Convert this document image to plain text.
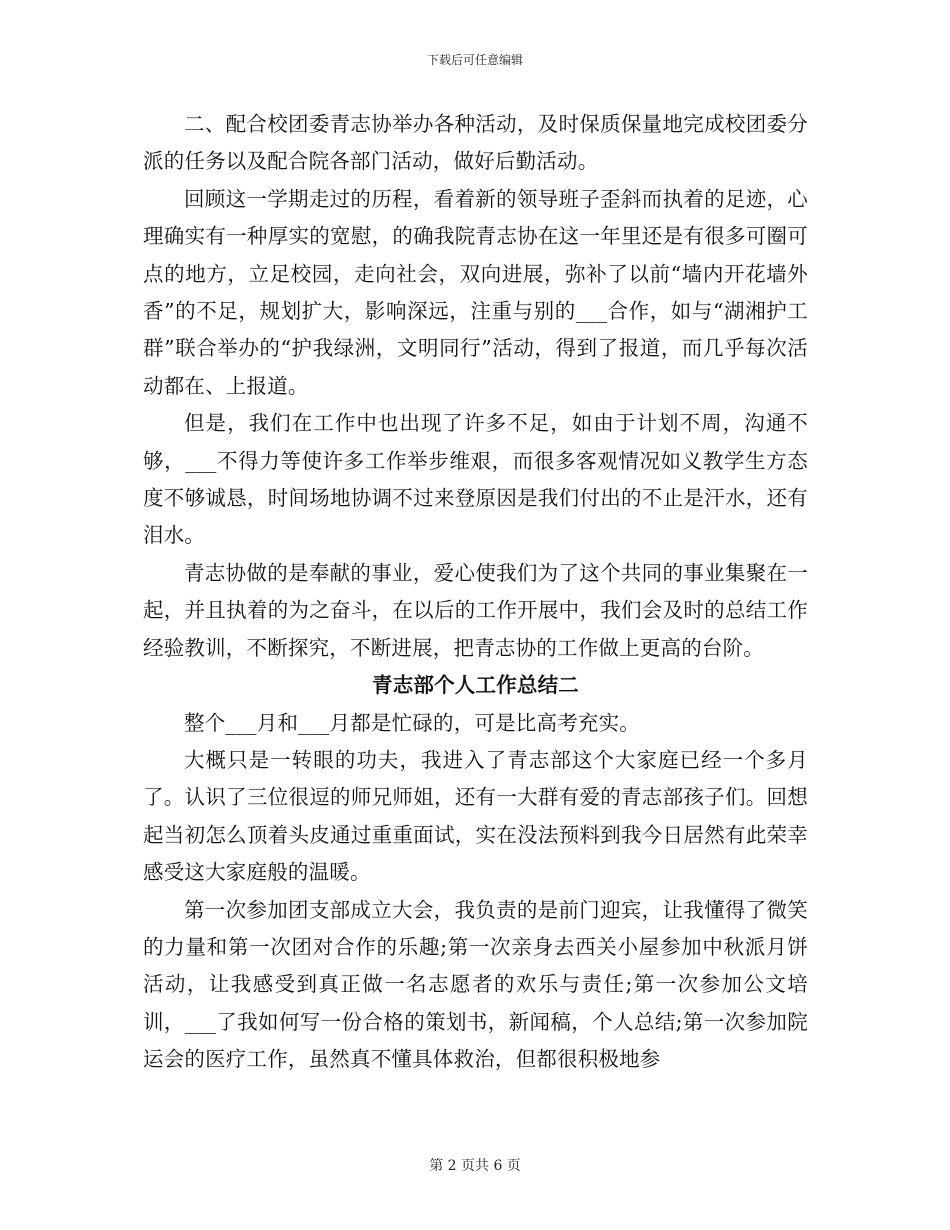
下载后可任意编辑

二、配合校团委青志协举办各种活动，及时保质保量地完成校团委分派的任务以及配合院各部门活动，做好后勤活动。

回顾这一学期走过的历程，看着新的领导班子歪斜而执着的足迹，心理确实有一种厚实的宽慰，的确我院青志协在这一年里还是有很多可圈可点的地方，立足校园，走向社会，双向进展，弥补了以前“墙内开花墙外香”的不足，规划扩大，影响深远，注重与别的___合作，如与“湖湘护工群”联合举办的“护我绿洲，文明同行”活动，得到了报道，而几乎每次活动都在、上报道。

但是，我们在工作中也出现了许多不足，如由于计划不周，沟通不够，___不得力等使许多工作举步维艰，而很多客观情况如义教学生方态度不够诚恳，时间场地协调不过来登原因是我们付出的不止是汗水，还有泪水。

青志协做的是奉献的事业，爱心使我们为了这个共同的事业集聚在一起，并且执着的为之奋斗，在以后的工作开展中，我们会及时的总结工作经验教训，不断探究，不断进展，把青志协的工作做上更高的台阶。

青志部个人工作总结二

整个___月和___月都是忙碌的，可是比高考充实。

大概只是一转眼的功夫，我进入了青志部这个大家庭已经一个多月了。认识了三位很逗的师兄师姐，还有一大群有爱的青志部孩子们。回想起当初怎么顶着头皮通过重重面试，实在没法预料到我今日居然有此荣幸感受这大家庭般的温暖。

第一次参加团支部成立大会，我负责的是前门迎宾，让我懂得了微笑的力量和第一次团对合作的乐趣;第一次亲身去西关小屋参加中秋派月饼活动，让我感受到真正做一名志愿者的欢乐与责任;第一次参加公文培训，___了我如何写一份合格的策划书，新闻稿，个人总结;第一次参加院运会的医疗工作，虽然真不懂具体救治，但都很积极地参

第 2 页共 6 页
